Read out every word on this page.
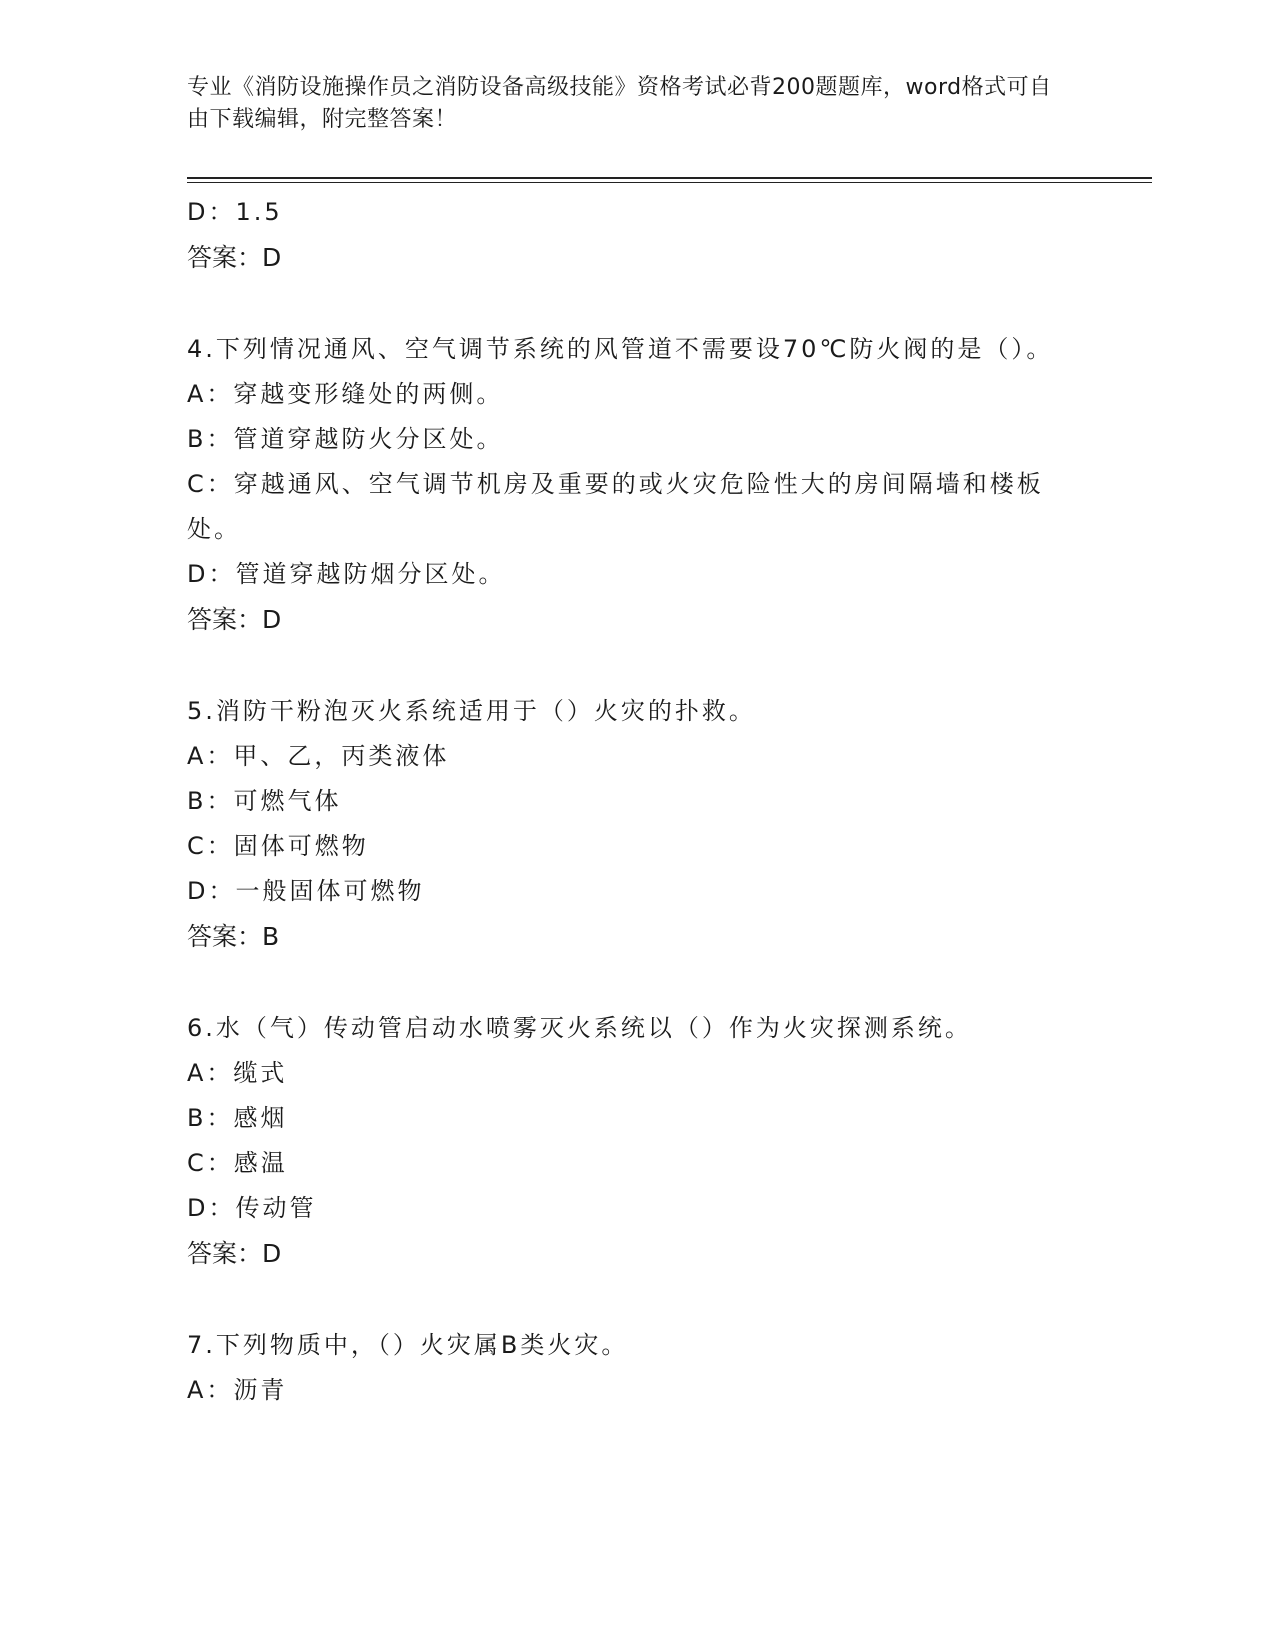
专业《消防设施操作员之消防设备高级技能》资格考试必背200题题库，word格式可自由下载编辑，附完整答案！
D：1.5
答案：D
4.下列情况通风、空气调节系统的风管道不需要设70℃防火阀的是（）。
A：穿越变形缝处的两侧。
B：管道穿越防火分区处。
C：穿越通风、空气调节机房及重要的或火灾危险性大的房间隔墙和楼板处。
D：管道穿越防烟分区处。
答案：D
5.消防干粉泡灭火系统适用于（）火灾的扑救。
A：甲、乙，丙类液体
B：可燃气体
C：固体可燃物
D：一般固体可燃物
答案：B
6.水（气）传动管启动水喷雾灭火系统以（）作为火灾探测系统。
A：缆式
B：感烟
C：感温
D：传动管
答案：D
7.下列物质中，（）火灾属B类火灾。
A：沥青
